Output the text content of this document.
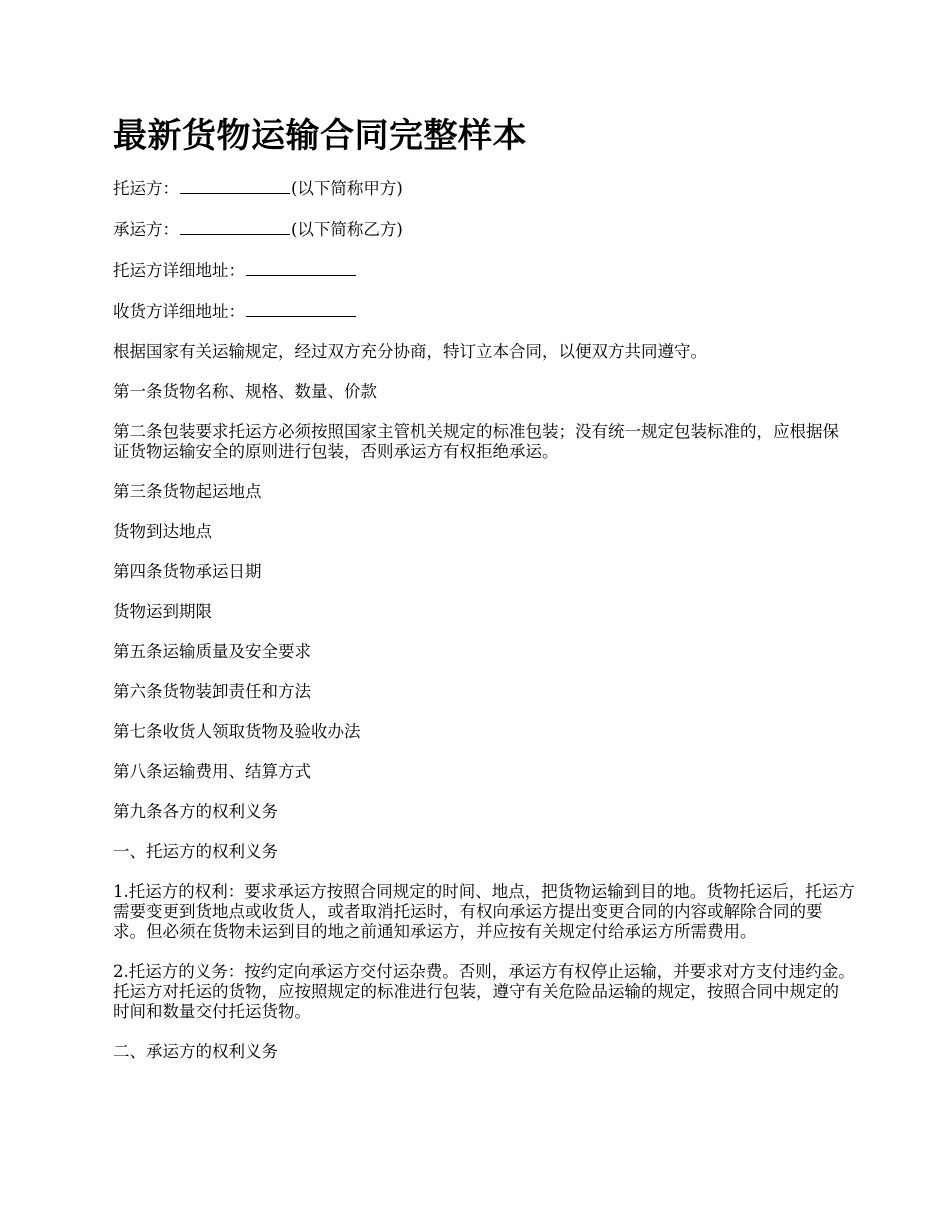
最新货物运输合同完整样本

托运方：	(以下简称甲方)

承运方：	(以下简称乙方)

托运方详细地址：

收货方详细地址：

根据国家有关运输规定，经过双方充分协商，特订立本合同，以便双方共同遵守。

第一条货物名称、规格、数量、价款

第二条包装要求托运方必须按照国家主管机关规定的标准包装；没有统一规定包装标准的，应根据保证货物运输安全的原则进行包装，否则承运方有权拒绝承运。

第三条货物起运地点

货物到达地点

第四条货物承运日期

货物运到期限

第五条运输质量及安全要求

第六条货物装卸责任和方法

第七条收货人领取货物及验收办法

第八条运输费用、结算方式

第九条各方的权利义务

一、托运方的权利义务

1.托运方的权利：要求承运方按照合同规定的时间、地点，把货物运输到目的地。货物托运后，托运方需要变更到货地点或收货人，或者取消托运时，有权向承运方提出变更合同的内容或解除合同的要求。但必须在货物未运到目的地之前通知承运方，并应按有关规定付给承运方所需费用。

2.托运方的义务：按约定向承运方交付运杂费。否则，承运方有权停止运输，并要求对方支付违约金。托运方对托运的货物，应按照规定的标准进行包装，遵守有关危险品运输的规定，按照合同中规定的时间和数量交付托运货物。

二、承运方的权利义务
